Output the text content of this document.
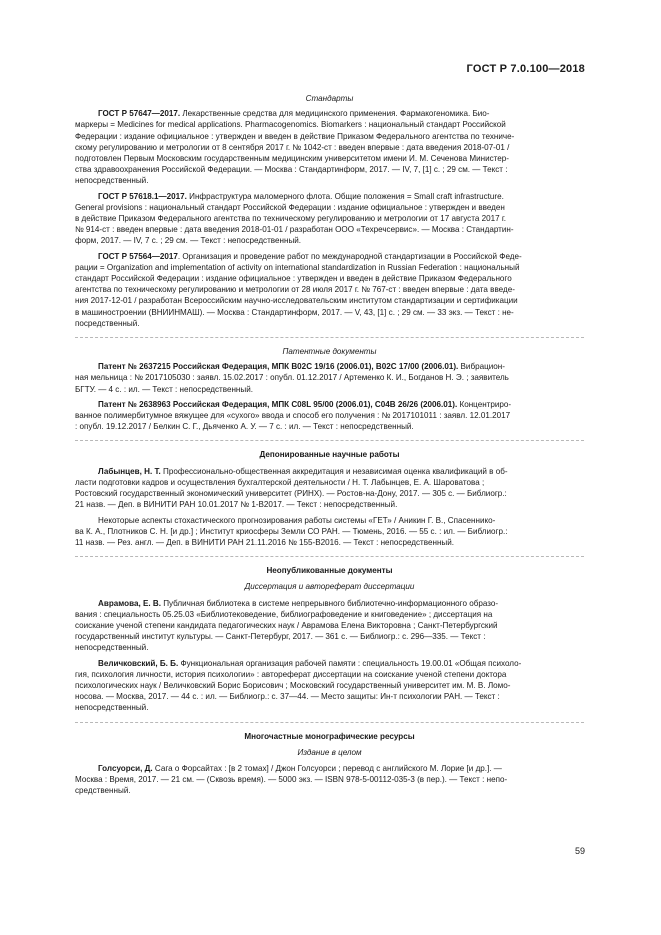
ГОСТ Р 7.0.100—2018
Стандарты
ГОСТ Р 57647—2017. Лекарственные средства для медицинского применения. Фармакогеномика. Био-
маркеры = Medicines for medical applications. Pharmacogenomics. Biomarkers : национальный стандарт Российской
Федерации : издание официальное : утвержден и введен в действие Приказом Федерального агентства по техниче-
скому регулированию и метрологии от 8 сентября 2017 г. № 1042-ст : введен впервые : дата введения 2018-07-01 /
подготовлен Первым Московским государственным медицинским университетом имени И. М. Сеченова Министер-
ства здравоохранения Российской Федерации. — Москва : Стандартинформ, 2017. — IV, 7, [1] с. ; 29 см. — Текст :
непосредственный.
ГОСТ Р 57618.1—2017. Инфраструктура маломерного флота. Общие положения = Small craft infrastructure.
General provisions : национальный стандарт Российской Федерации : издание официальное : утвержден и введен
в действие Приказом Федерального агентства по техническому регулированию и метрологии от 17 августа 2017 г.
№ 914-ст : введен впервые : дата введения 2018-01-01 / разработан ООО «Техречсервис». — Москва : Стандартин-
форм, 2017. — IV, 7 с. ; 29 см. — Текст : непосредственный.
ГОСТ Р 57564—2017. Организация и проведение работ по международной стандартизации в Российской Феде-
рации = Organization and implementation of activity on international standardization in Russian Federation : национальный
стандарт Российской Федерации : издание официальное : утвержден и введен в действие Приказом Федерального
агентства по техническому регулированию и метрологии от 28 июля 2017 г. № 767-ст : введен впервые : дата введе-
ния 2017-12-01 / разработан Всероссийским научно-исследовательским институтом стандартизации и сертификации
в машиностроении (ВНИИНМАШ). — Москва : Стандартинформ, 2017. — V, 43, [1] с. ; 29 см. — 33 экз. — Текст : не-
посредственный.
Патентные документы
Патент № 2637215 Российская Федерация, МПК B02C 19/16 (2006.01), B02C 17/00 (2006.01). Вибрацион-
ная мельница : № 2017105030 : заявл. 15.02.2017 : опубл. 01.12.2017 / Артеменко К. И., Богданов Н. Э. ; заявитель
БГТУ. — 4 с. : ил. — Текст : непосредственный.
Патент № 2638963 Российская Федерация, МПК C08L 95/00 (2006.01), C04B 26/26 (2006.01). Концентриро-
ванное полимербитумное вяжущее для «сухого» ввода и способ его получения : № 2017101011 : заявл. 12.01.2017
: опубл. 19.12.2017 / Белкин С. Г., Дьяченко А. У. — 7 с. : ил. — Текст : непосредственный.
Депонированные научные работы
Лабынцев, Н. Т. Профессионально-общественная аккредитация и независимая оценка квалификаций в об-
ласти подготовки кадров и осуществления бухгалтерской деятельности / Н. Т. Лабынцев, Е. А. Шароватова ;
Ростовский государственный экономический университет (РИНХ). — Ростов-на-Дону, 2017. — 305 с. — Библиогр.:
21 назв. — Деп. в ВИНИТИ РАН 10.01.2017 № 1-В2017. — Текст : непосредственный.
Некоторые аспекты стохастического прогнозирования работы системы «ГЕТ» / Аникин Г. В., Спасеннико-
ва К. А., Плотников С. Н. [и др.] ; Институт криосферы Земли СО РАН. — Тюмень, 2016. — 55 с. : ил. — Библиогр.:
11 назв. — Рез. англ. — Деп. в ВИНИТИ РАН 21.11.2016 № 155-В2016. — Текст : непосредственный.
Неопубликованные документы
Диссертация и автореферат диссертации
Аврамова, Е. В. Публичная библиотека в системе непрерывного библиотечно-информационного образо-
вания : специальность 05.25.03 «Библиотековедение, библиографоведение и книговедение» ; диссертация на
соискание ученой степени кандидата педагогических наук / Аврамова Елена Викторовна ; Санкт-Петербургский
государственный институт культуры. — Санкт-Петербург, 2017. — 361 с. — Библиогр.: с. 296—335. — Текст :
непосредственный.
Величковский, Б. Б. Функциональная организация рабочей памяти : специальность 19.00.01 «Общая психоло-
гия, психология личности, история психологии» : автореферат диссертации на соискание ученой степени доктора
психологических наук / Величковский Борис Борисович ; Московский государственный университет им. М. В. Ломо-
носова. — Москва, 2017. — 44 с. : ил. — Библиогр.: с. 37—44. — Место защиты: Ин-т психологии РАН. — Текст :
непосредственный.
Многочастные монографические ресурсы
Издание в целом
Голсуорси, Д. Сага о Форсайтах : [в 2 томах] / Джон Голсуорси ; перевод с английского М. Лорие [и др.]. —
Москва : Время, 2017. — 21 см. — (Сквозь время). — 5000 экз. — ISBN 978-5-00112-035-3 (в пер.). — Текст : непо-
средственный.
59
